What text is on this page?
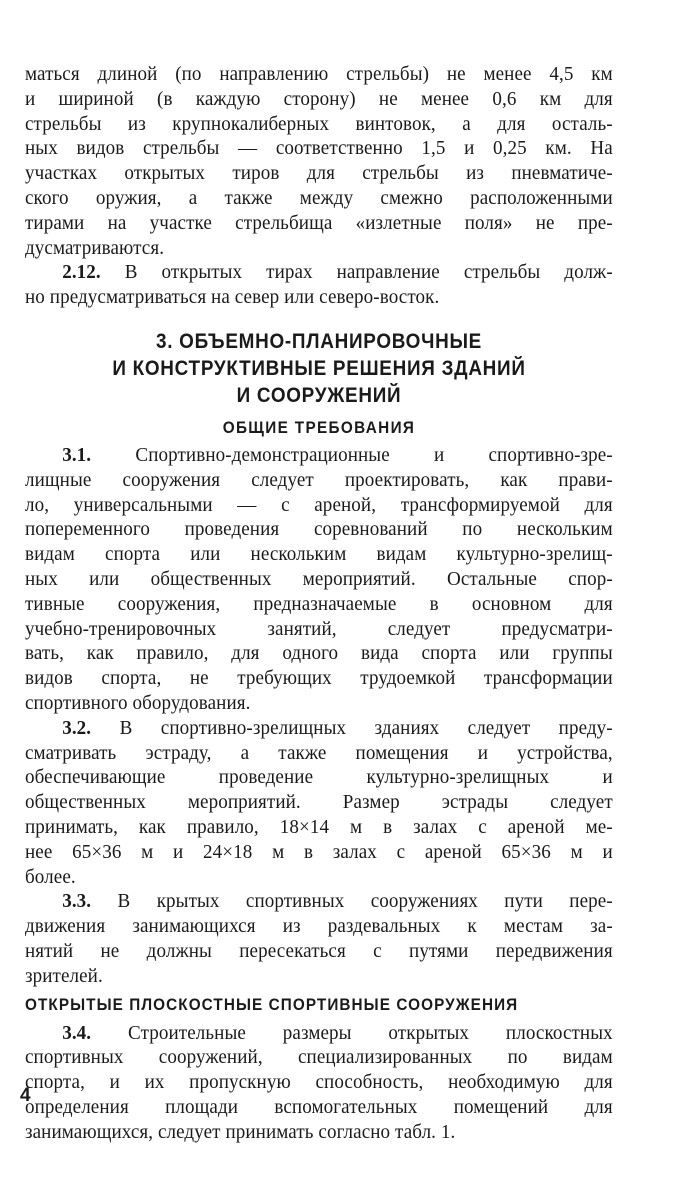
маться длиной (по направлению стрельбы) не менее 4,5 км
и шириной (в каждую сторону) не менее 0,6 км для
стрельбы из крупнокалиберных винтовок, а для осталь-
ных видов стрельбы — соответственно 1,5 и 0,25 км. На
участках открытых тиров для стрельбы из пневматиче-
ского оружия, а также между смежно расположенными
тирами на участке стрельбища «излетные поля» не пре-
дусматриваются.
2.12. В открытых тирах направление стрельбы долж-
но предусматриваться на север или северо-восток.
3. ОБЪЕМНО-ПЛАНИРОВОЧНЫЕ
И КОНСТРУКТИВНЫЕ РЕШЕНИЯ ЗДАНИЙ
И СООРУЖЕНИЙ
ОБЩИЕ ТРЕБОВАНИЯ
3.1. Спортивно-демонстрационные и спортивно-зре-
лищные сооружения следует проектировать, как прави-
ло, универсальными — с ареной, трансформируемой для
попеременного проведения соревнований по нескольким
видам спорта или нескольким видам культурно-зрелищ-
ных или общественных мероприятий. Остальные спор-
тивные сооружения, предназначаемые в основном для
учебно-тренировочных занятий, следует предусматри-
вать, как правило, для одного вида спорта или группы
видов спорта, не требующих трудоемкой трансформации
спортивного оборудования.
3.2. В спортивно-зрелищных зданиях следует преду-
сматривать эстраду, а также помещения и устройства,
обеспечивающие проведение культурно-зрелищных и
общественных мероприятий. Размер эстрады следует
принимать, как правило, 18×14 м в залах с ареной ме-
нее 65×36 м и 24×18 м в залах с ареной 65×36 м и
более.
3.3. В крытых спортивных сооружениях пути пере-
движения занимающихся из раздевальных к местам за-
нятий не должны пересекаться с путями передвижения
зрителей.
ОТКРЫТЫЕ ПЛОСКОСТНЫЕ СПОРТИВНЫЕ СООРУЖЕНИЯ
3.4. Строительные размеры открытых плоскостных
спортивных сооружений, специализированных по видам
спорта, и их пропускную способность, необходимую для
определения площади вспомогательных помещений для
занимающихся, следует принимать согласно табл. 1.
4
